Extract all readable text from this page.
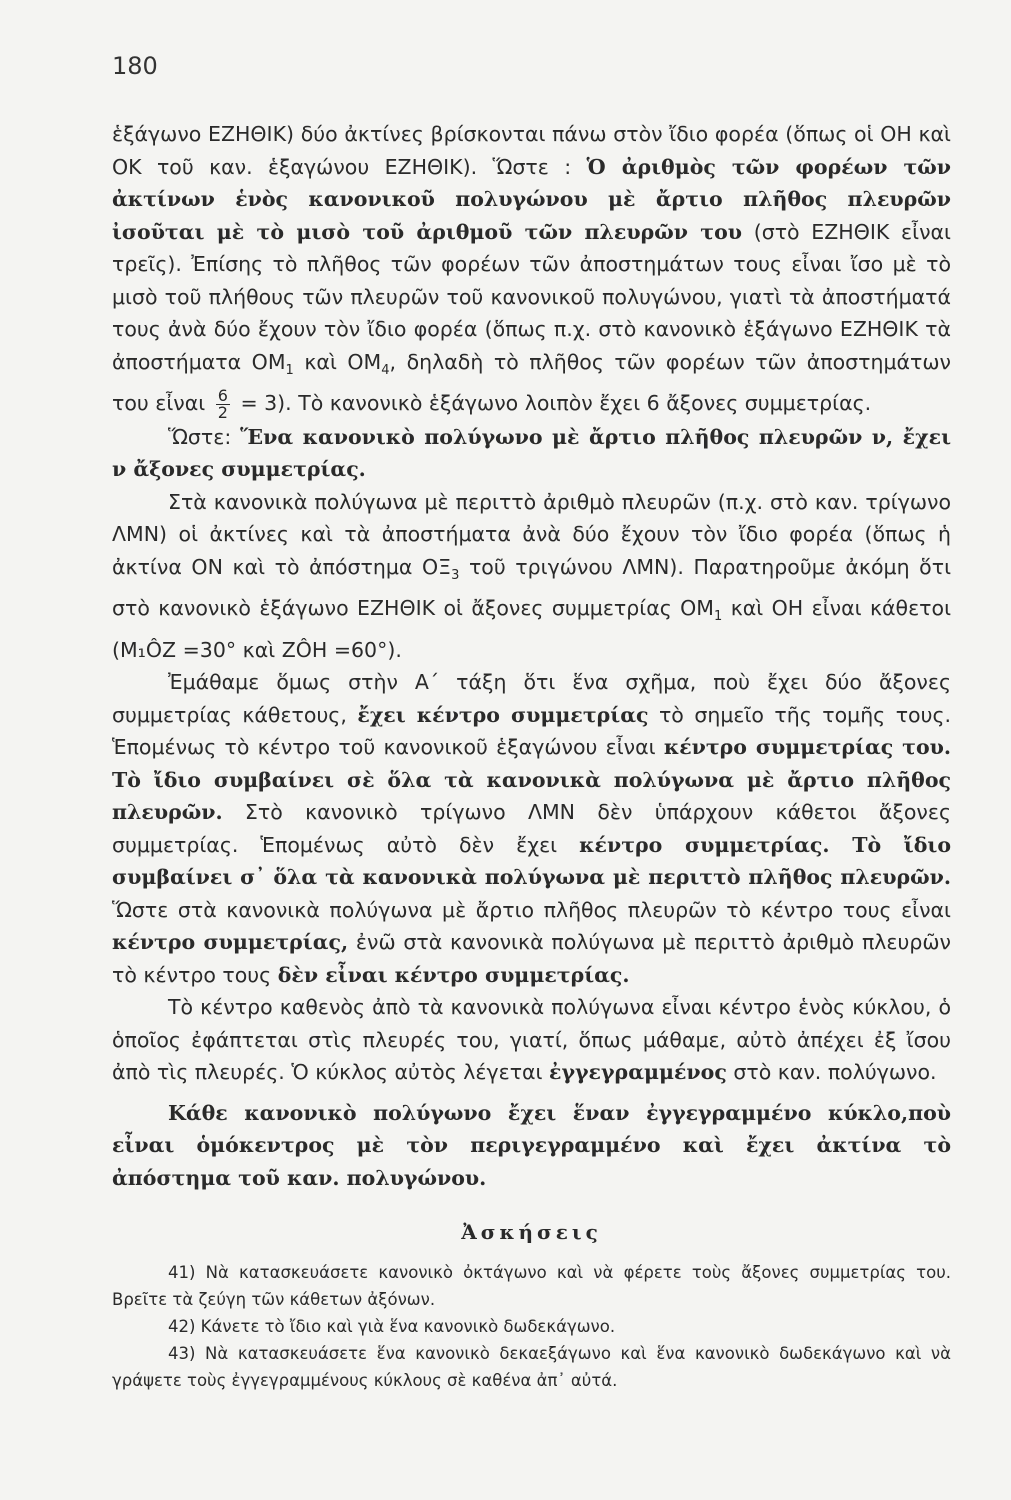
180

ἑξάγωνο ΕΖΗΘΙΚ) δύο ἀκτίνες βρίσκονται πάνω στὸν ἴδιο φορέα (ὅπως οἱ ΟΗ καὶ ΟΚ τοῦ καν. ἑξαγώνου ΕΖΗΘΙΚ). Ὥστε : Ὁ ἀριθμὸς τῶν φορέων τῶν ἀκτίνων ἑνὸς κανονικοῦ πολυγώνου μὲ ἄρτιο πλῆθος πλευρῶν ἰσοῦται μὲ τὸ μισὸ τοῦ ἀριθμοῦ τῶν πλευρῶν του (στὸ ΕΖΗΘΙΚ εἶναι τρεῖς). Ἐπίσης τὸ πλῆθος τῶν φορέων τῶν ἀποστημάτων τους εἶναι ἴσο μὲ τὸ μισὸ τοῦ πλήθους τῶν πλευρῶν τοῦ κανονικοῦ πολυγώνου, γιατὶ τὰ ἀποστήματά τους ἀνὰ δύο ἔχουν τὸν ἴδιο φορέα (ὅπως π.χ. στὸ κανονικὸ ἑξάγωνο ΕΖΗΘΙΚ τὰ ἀποστήματα $OM_1$ καὶ $OM_4$, δηλαδὴ τὸ πλῆθος τῶν φορέων τῶν ἀποστημάτων του εἶναι $\frac{6}{2} = 3$). Τὸ κανονικὸ ἑξάγωνο λοιπὸν ἔχει 6 ἄξονες συμμετρίας.

Ὥστε: Ἕνα κανονικὸ πολύγωνο μὲ ἄρτιο πλῆθος πλευρῶν ν, ἔχει ν ἄξονες συμμετρίας.

Στὰ κανονικὰ πολύγωνα μὲ περιττὸ ἀριθμὸ πλευρῶν (π.χ. στὸ καν. τρίγωνο ΛΜΝ) οἱ ἀκτίνες καὶ τὰ ἀποστήματα ἀνὰ δύο ἔχουν τὸν ἴδιο φορέα (ὅπως ἡ ἀκτίνα ΟΝ καὶ τὸ ἀπόστημα $O\Xi_3$ τοῦ τριγώνου ΛΜΝ). Παρατηροῦμε ἀκόμη ὅτι στὸ κανονικὸ ἑξάγωνο ΕΖΗΘΙΚ οἱ ἄξονες συμμετρίας $OM_1$ καὶ ΟΗ εἶναι κάθετοι (Μ₁ÔZ =30° καὶ ZÔH =60°).

Ἐμάθαμε ὅμως στὴν Α΄ τάξη ὅτι ἕνα σχῆμα, ποὺ ἔχει δύο ἄξονες συμμετρίας κάθετους, ἔχει κέντρο συμμετρίας τὸ σημεῖο τῆς τομῆς τους. Ἑπομένως τὸ κέντρο τοῦ κανονικοῦ ἑξαγώνου εἶναι κέντρο συμμετρίας του. Τὸ ἴδιο συμβαίνει σὲ ὅλα τὰ κανονικὰ πολύγωνα μὲ ἄρτιο πλῆθος πλευρῶν. Στὸ κανονικὸ τρίγωνο ΛΜΝ δὲν ὑπάρχουν κάθετοι ἄξονες συμμετρίας. Ἑπομένως αὐτὸ δὲν ἔχει κέντρο συμμετρίας. Τὸ ἴδιο συμβαίνει σ᾽ ὅλα τὰ κανονικὰ πολύγωνα μὲ περιττὸ πλῆθος πλευρῶν. Ὥστε στὰ κανονικὰ πολύγωνα μὲ ἄρτιο πλῆθος πλευρῶν τὸ κέντρο τους εἶναι κέντρο συμμετρίας, ἐνῶ στὰ κανονικὰ πολύγωνα μὲ περιττὸ ἀριθμὸ πλευρῶν τὸ κέντρο τους δὲν εἶναι κέντρο συμμετρίας.

Τὸ κέντρο καθενὸς ἀπὸ τὰ κανονικὰ πολύγωνα εἶναι κέντρο ἑνὸς κύκλου, ὁ ὁποῖος ἐφάπτεται στὶς πλευρές του, γιατί, ὅπως μάθαμε, αὐτὸ ἀπέχει ἐξ ἴσου ἀπὸ τὶς πλευρές. Ὁ κύκλος αὐτὸς λέγεται ἐγγεγραμμένος στὸ καν. πολύγωνο.

Κάθε κανονικὸ πολύγωνο ἔχει ἕναν ἐγγεγραμμένο κύκλο,ποὺ εἶναι ὁμόκεντρος μὲ τὸν περιγεγραμμένο καὶ ἔχει ἀκτίνα τὸ ἀπόστημα τοῦ καν. πολυγώνου.

Ἀσκήσεις

41) Νὰ κατασκευάσετε κανονικὸ ὀκτάγωνο καὶ νὰ φέρετε τοὺς ἄξονες συμμετρίας του. Βρεῖτε τὰ ζεύγη τῶν κάθετων ἀξόνων.

42) Κάνετε τὸ ἴδιο καὶ γιὰ ἕνα κανονικὸ δωδεκάγωνο.

43) Νὰ κατασκευάσετε ἕνα κανονικὸ δεκαεξάγωνο καὶ ἕνα κανονικὸ δωδεκάγωνο καὶ νὰ γράψετε τοὺς ἐγγεγραμμένους κύκλους σὲ καθένα ἀπ᾽ αὐτά.
